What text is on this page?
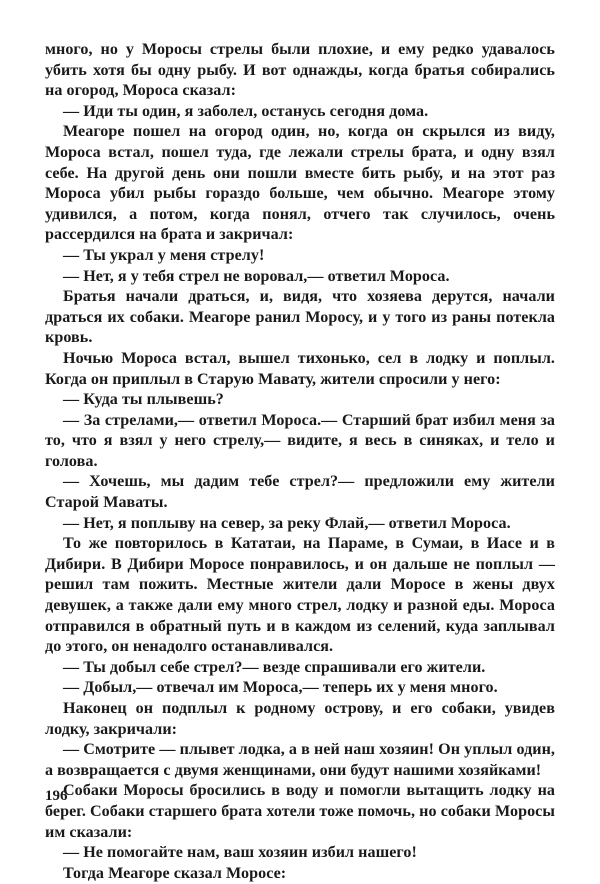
много, но у Моросы стрелы были плохие, и ему редко удавалось убить хотя бы одну рыбу. И вот однажды, когда братья собирались на огород, Мороса сказал:

— Иди ты один, я заболел, останусь сегодня дома.

Меагоре пошел на огород один, но, когда он скрылся из виду, Мороса встал, пошел туда, где лежали стрелы брата, и одну взял себе. На другой день они пошли вместе бить рыбу, и на этот раз Мороса убил рыбы гораздо больше, чем обычно. Меагоре этому удивился, а потом, когда понял, отчего так случилось, очень рассердился на брата и закричал:

— Ты украл у меня стрелу!

— Нет, я у тебя стрел не воровал,— ответил Мороса.

Братья начали драться, и, видя, что хозяева дерутся, начали драться их собаки. Меагоре ранил Моросу, и у того из раны потекла кровь.

Ночью Мороса встал, вышел тихонько, сел в лодку и поплыл. Когда он приплыл в Старую Мавату, жители спросили у него:

— Куда ты плывешь?

— За стрелами,— ответил Мороса.— Старший брат избил меня за то, что я взял у него стрелу,— видите, я весь в синяках, и тело и голова.

— Хочешь, мы дадим тебе стрел?— предложили ему жители Старой Маваты.

— Нет, я поплыву на север, за реку Флай,— ответил Мороса.

То же повторилось в Кататаи, на Параме, в Сумаи, в Иасе и в Дибири. В Дибири Моросе понравилось, и он дальше не поплыл — решил там пожить. Местные жители дали Моросе в жены двух девушек, а также дали ему много стрел, лодку и разной еды. Мороса отправился в обратный путь и в каждом из селений, куда заплывал до этого, он ненадолго останавливался.

— Ты добыл себе стрел?— везде спрашивали его жители.

— Добыл,— отвечал им Мороса,— теперь их у меня много.

Наконец он подплыл к родному острову, и его собаки, увидев лодку, закричали:

— Смотрите — плывет лодка, а в ней наш хозяин! Он уплыл один, а возвращается с двумя женщинами, они будут нашими хозяйками!

Собаки Моросы бросились в воду и помогли вытащить лодку на берег. Собаки старшего брата хотели тоже помочь, но собаки Моросы им сказали:

— Не помогайте нам, ваш хозяин избил нашего!

Тогда Меагоре сказал Моросе:

196
